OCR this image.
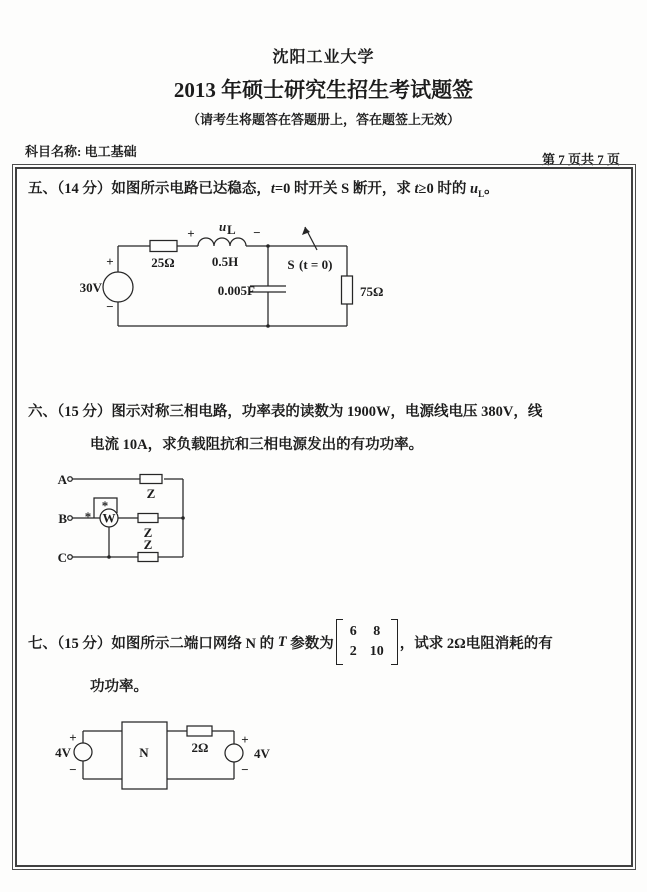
沈阳工业大学
2013 年硕士研究生招生考试题签
（请考生将题答在答题册上，答在题签上无效）
科目名称: 电工基础
第 7 页共 7 页

五、（14 分）如图所示电路已达稳态，t=0 时开关 S 断开，求 t≥0 时的 $u_L$。

30V
+
−
25Ω
+ u L −
0.5H
0.005F
S (t = 0)
75Ω

六、（15 分）图示对称三相电路，功率表的读数为 1900W，电源线电压 380V，线

电流 10A，求负载阻抗和三相电源发出的有功功率。

A
B
C
*
*
W
Z
Z
Z
七、（15 分） 如图所示二端口网络 N 的 T 参数为
6 8
2 10
，试求 2Ω电阻消耗的有

功功率。

4V
+
−
N	2Ω
+
−
4V
